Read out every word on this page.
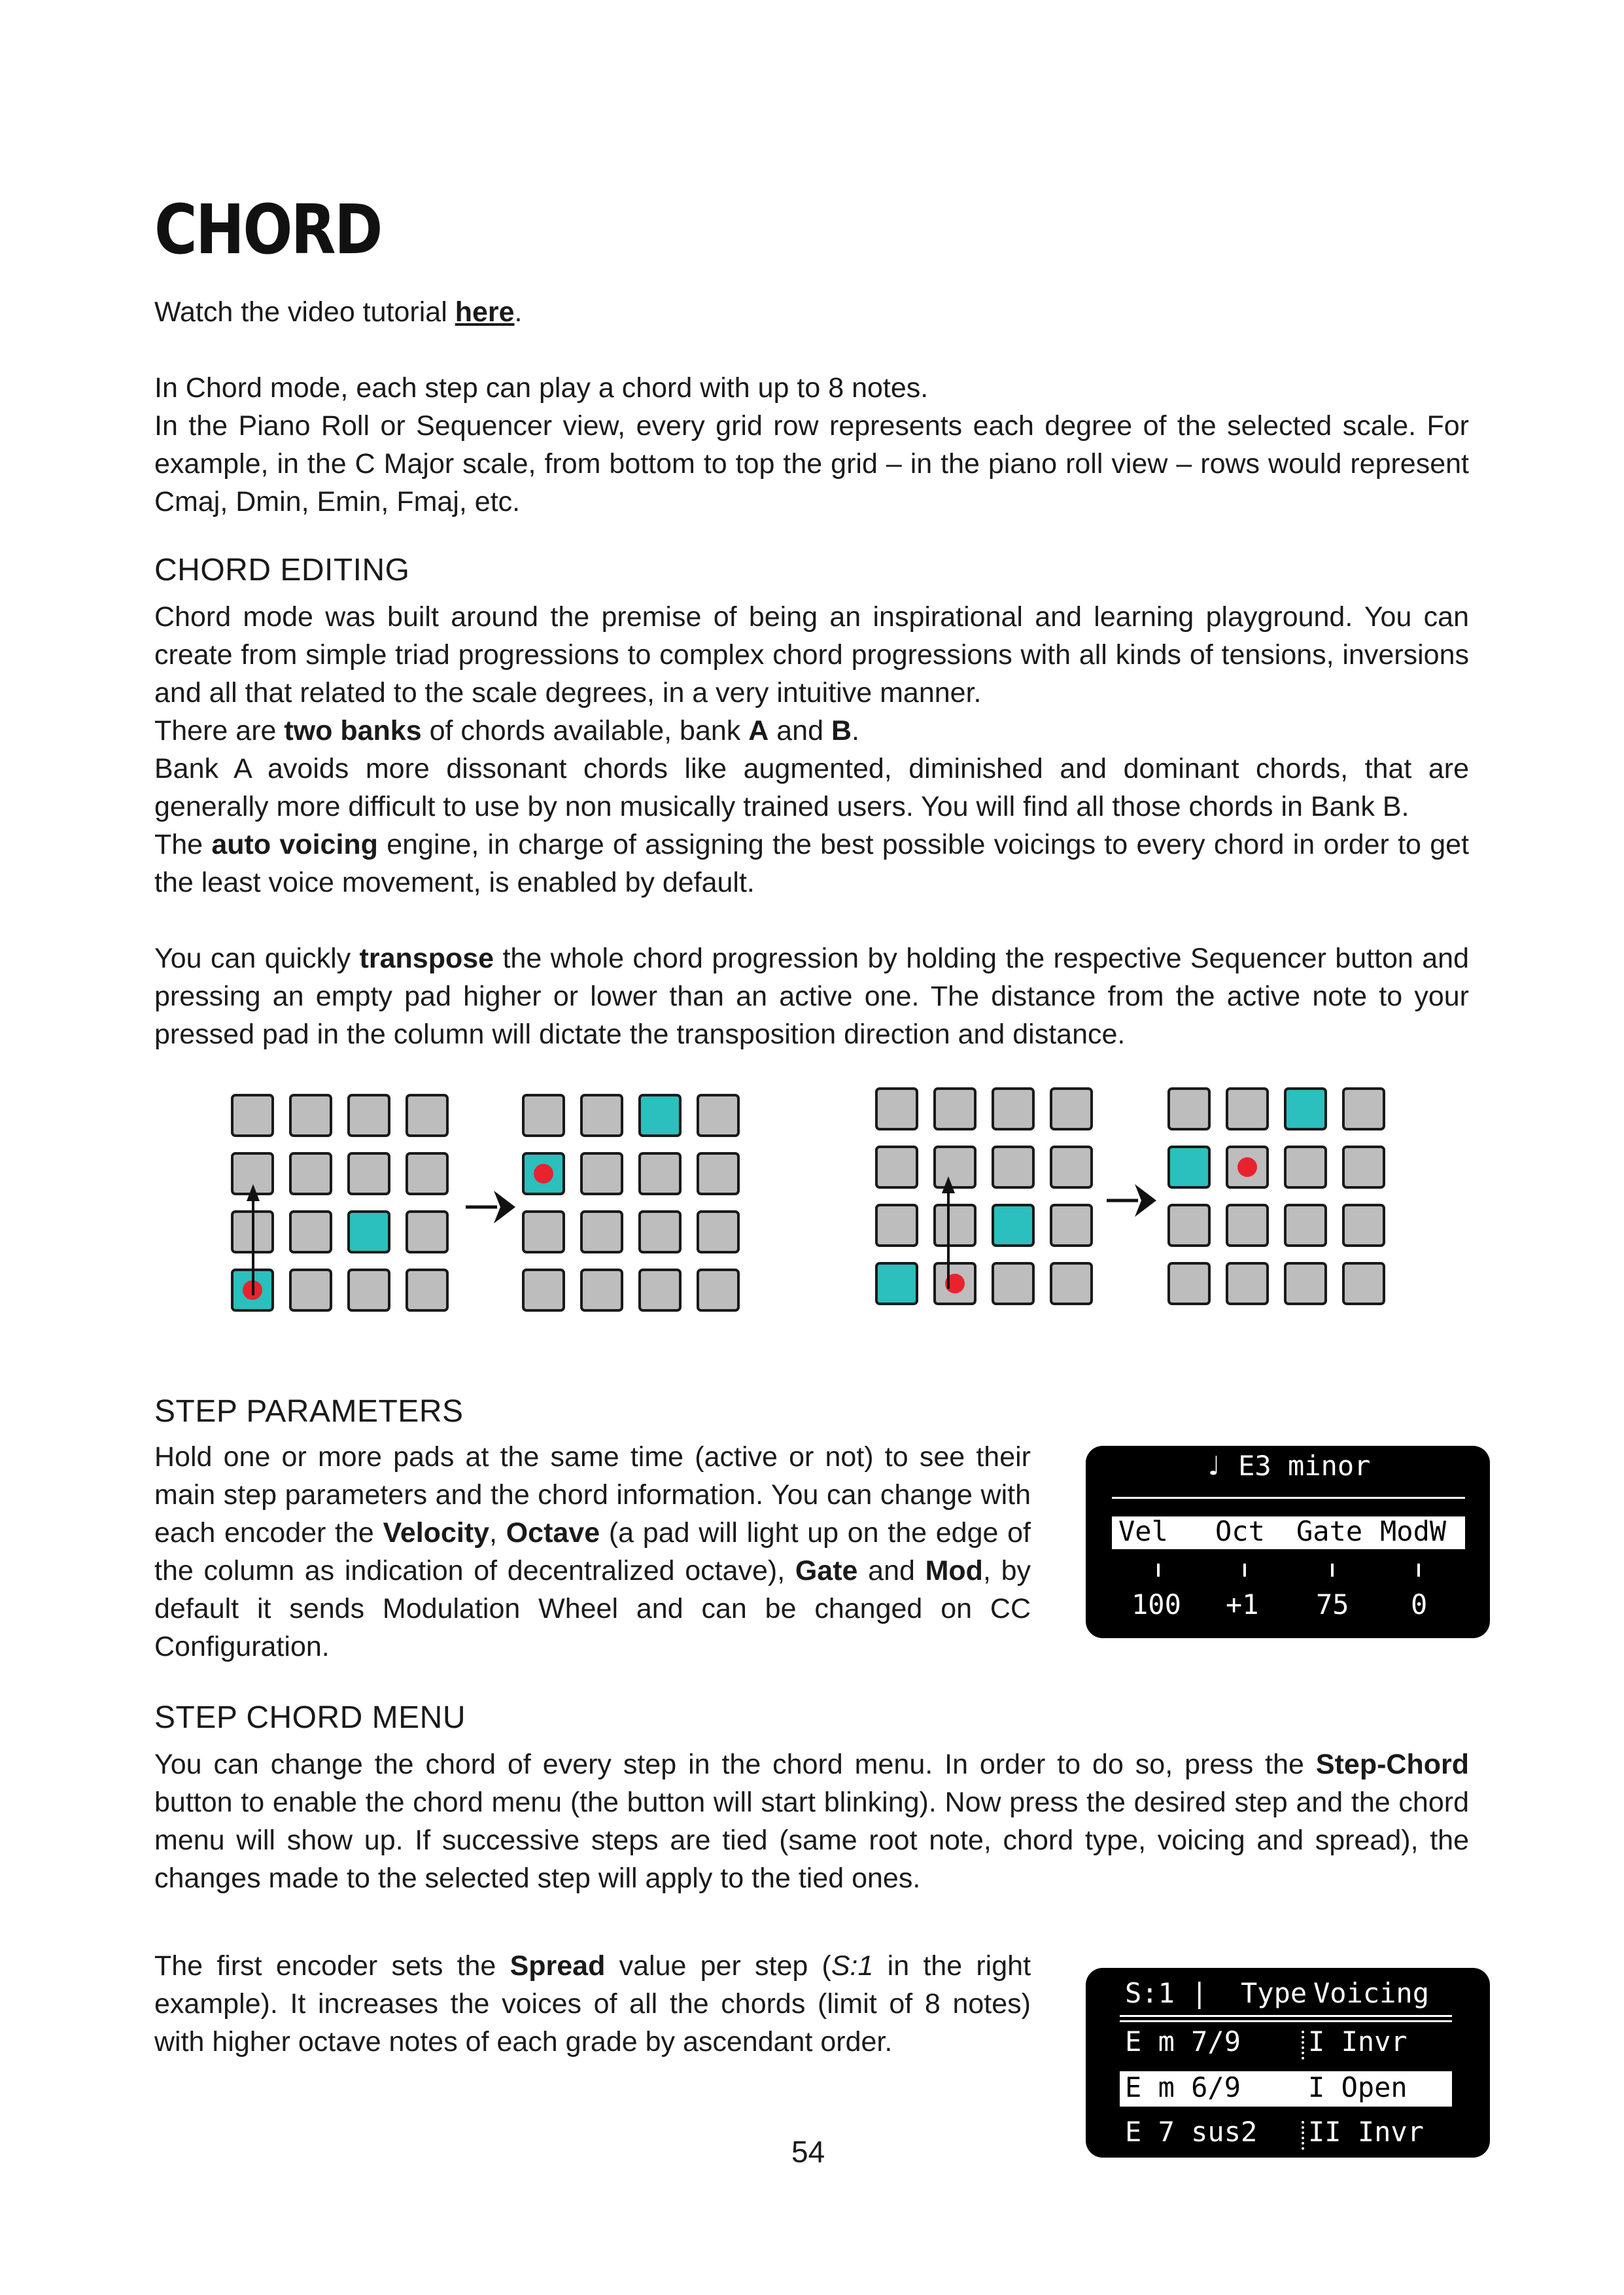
CHORD

Watch the video tutorial here.

In Chord mode, each step can play a chord with up to 8 notes.

In the Piano Roll or Sequencer view, every grid row represents each degree of the selected scale. For example, in the C Major scale, from bottom to top the grid – in the piano roll view – rows would represent Cmaj, Dmin, Emin, Fmaj, etc.

CHORD EDITING

Chord mode was built around the premise of being an inspirational and learning playground. You can create from simple triad progressions to complex chord progressions with all kinds of tensions, inversions and all that related to the scale degrees, in a very intuitive manner.

There are two banks of chords available, bank A and B.

Bank A avoids more dissonant chords like augmented, diminished and dominant chords, that are generally more difficult to use by non musically trained users. You will find all those chords in Bank B.

The auto voicing engine, in charge of assigning the best possible voicings to every chord in order to get the least voice movement, is enabled by default.

You can quickly transpose the whole chord progression by holding the respective Sequencer button and pressing an empty pad higher or lower than an active one. The distance from the active note to your pressed pad in the column will dictate the transposition direction and distance.

STEP PARAMETERS

Hold one or more pads at the same time (active or not) to see their main step parameters and the chord information. You can change with each encoder the Velocity, Octave (a pad will light up on the edge of the column as indication of decentralized octave), Gate and Mod, by default it sends Modulation Wheel and can be changed on CC Configuration.

♩ E3 minor
Vel Oct Gate ModW
100 +1 75 0
STEP CHORD MENU

You can change the chord of every step in the chord menu. In order to do so, press the Step-Chord button to enable the chord menu (the button will start blinking). Now press the desired step and the chord menu will show up. If successive steps are tied (same root note, chord type, voicing and spread), the changes made to the selected step will apply to the tied ones.

The first encoder sets the Spread value per step (S:1 in the right example). It increases the voices of all the chords (limit of 8 notes) with higher octave notes of each grade by ascendant order.

S:1 |  Type Voicing
E m 7/9 I Invr
E m 6/9 I Open
E 7 sus2 II Invr
54
